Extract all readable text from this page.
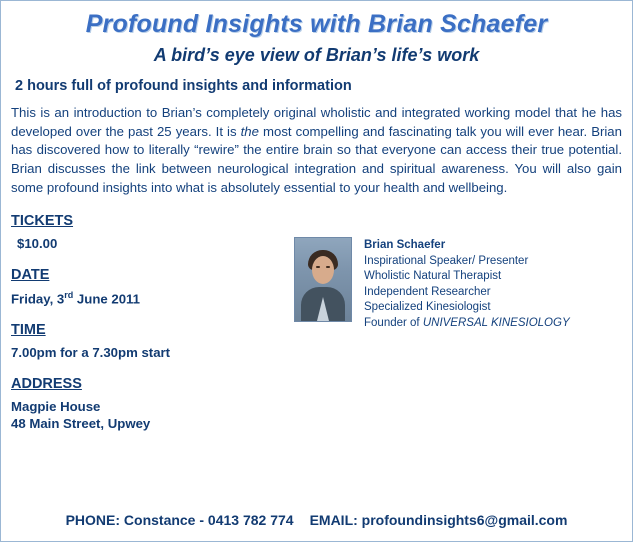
Profound Insights with Brian Schaefer
A bird’s eye view of Brian’s life’s work
2 hours full of profound insights and information

This is an introduction to Brian’s completely original wholistic and integrated working model that he has developed over the past 25 years. It is the most compelling and fascinating talk you will ever hear. Brian has discovered how to literally “rewire” the entire brain so that everyone can access their true potential. Brian discusses the link between neurological integration and spiritual awareness. You will also gain some profound insights into what is absolutely essential to your health and wellbeing.

TICKETS
$10.00
DATE
Friday, 3rd June 2011
TIME
7.00pm for a 7.30pm start
ADDRESS
Magpie House
48 Main Street, Upwey
Brian Schaefer
Inspirational Speaker/ Presenter
Wholistic Natural Therapist
Independent Researcher
Specialized Kinesiologist
Founder of UNIVERSAL KINESIOLOGY
PHONE: Constance - 0413 782 774 EMAIL: profoundinsights6@gmail.com
